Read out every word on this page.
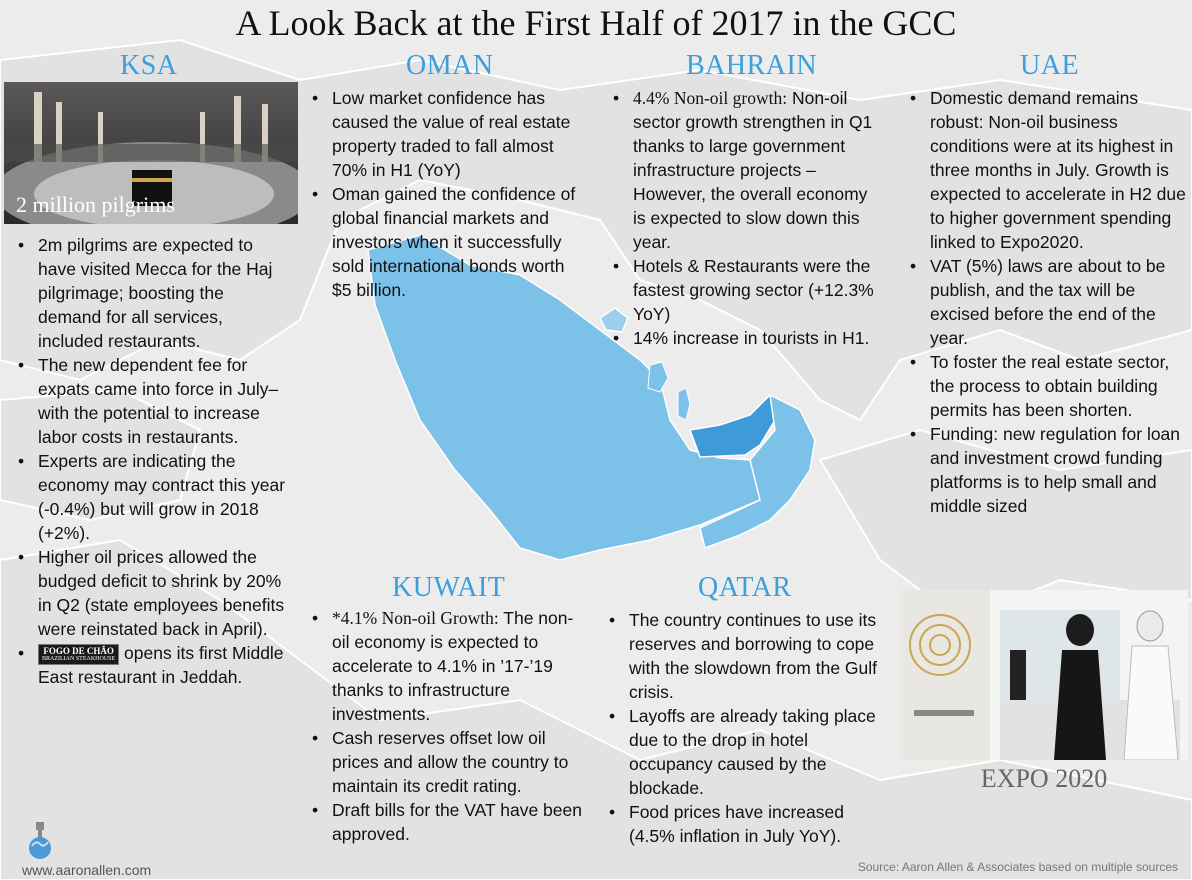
A Look Back at the First Half of 2017 in the GCC
KSA
2 million pilgrims
• 2m pilgrims are expected to have visited Mecca for the Haj pilgrimage; boosting the demand for all services, included restaurants.
• The new dependent fee for expats came into force in July– with the potential to increase labor costs in restaurants.
• Experts are indicating the economy may contract this year (-0.4%) but will grow in 2018 (+2%).
• Higher oil prices allowed the budged deficit to shrink by 20% in Q2 (state employees benefits were reinstated back in April).
• FOGO DE CHÃO
BRAZILIAN STEAKHOUSE opens its first Middle East restaurant in Jeddah.
OMAN
• Low market confidence has caused the value of real estate property traded to fall almost 70% in H1 (YoY)
• Oman gained the confidence of global financial markets and investors when it successfully sold international bonds worth $5 billion.
BAHRAIN
• 4.4% Non-oil growth: Non-oil sector growth strengthen in Q1 thanks to large government infrastructure projects –However, the overall economy is expected to slow down this year.
• Hotels & Restaurants were the fastest growing sector (+12.3% YoY)
• 14% increase in tourists in H1.
UAE
• Domestic demand remains robust: Non-oil business conditions were at its highest in three months in July. Growth is expected to accelerate in H2 due to higher government spending linked to Expo2020.
• VAT (5%) laws are about to be publish, and the tax will be excised before the end of the year.
• To foster the real estate sector, the process to obtain building permits has been shorten.
• Funding: new regulation for loan and investment crowd funding platforms is to help small and middle sized
EXPO 2020
KUWAIT
• *4.1% Non-oil Growth: The non-oil economy is expected to accelerate to 4.1% in ’17-’19 thanks to infrastructure investments.
• Cash reserves offset low oil prices and allow the country to maintain its credit rating.
• Draft bills for the VAT have been approved.
QATAR
• The country continues to use its reserves and borrowing to cope with the slowdown from the Gulf crisis.
• Layoffs are already taking place due to the drop in hotel occupancy caused by the blockade.
• Food prices have increased (4.5% inflation in July YoY).
www.aaronallen.com	Source: Aaron Allen & Associates based on multiple sources
